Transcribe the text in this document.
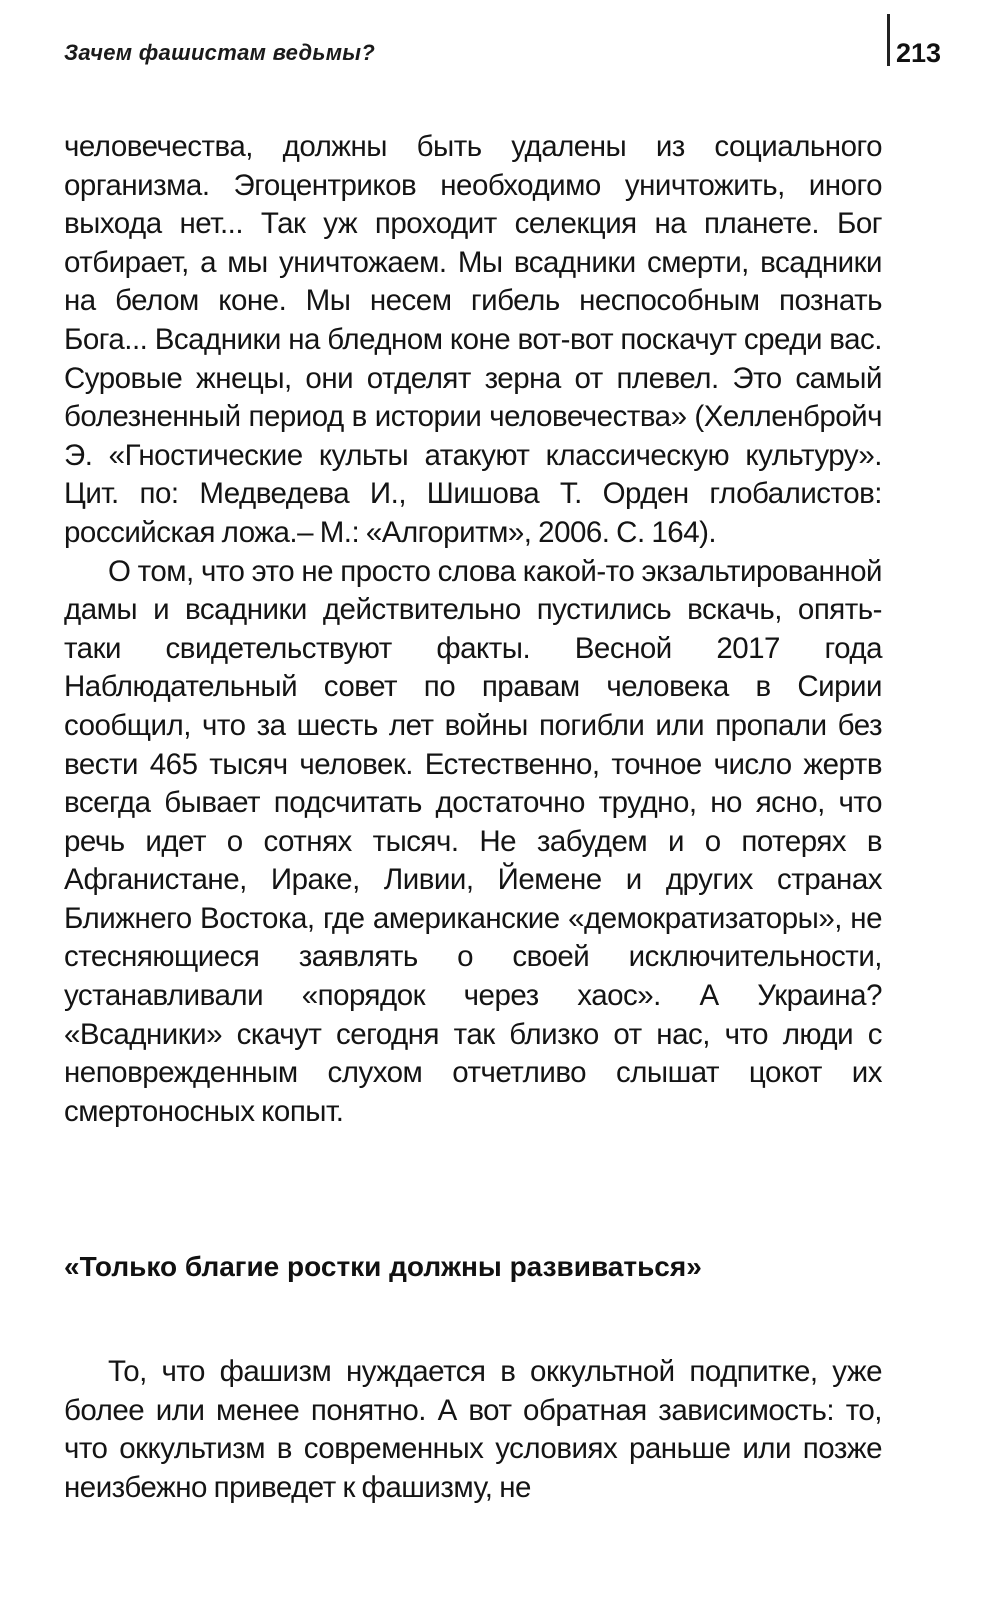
Зачем фашистам ведьмы?	213

человечества, должны быть удалены из социального организма. Эгоцентриков необходимо уничтожить, иного выхода нет... Так уж проходит селекция на планете. Бог отбирает, а мы уничтожаем. Мы всадники смерти, всадники на белом коне. Мы несем гибель неспособным познать Бога... Всадники на бледном коне вот-вот поскачут среди вас. Суровые жнецы, они отделят зерна от плевел. Это самый болезненный период в истории человечества» (Хелленбройч Э. «Гностические культы атакуют классическую культуру». Цит. по: Медведева И., Шишова Т. Орден глобалистов: российская ложа.– М.: «Алгоритм», 2006. С. 164).

О том, что это не просто слова какой-то экзальтированной дамы и всадники действительно пустились вскачь, опять-таки свидетельствуют факты. Весной 2017 года Наблюдательный совет по правам человека в Сирии сообщил, что за шесть лет войны погибли или пропали без вести 465 тысяч человек. Естественно, точное число жертв всегда бывает подсчитать достаточно трудно, но ясно, что речь идет о сотнях тысяч. Не забудем и о потерях в Афганистане, Ираке, Ливии, Йемене и других странах Ближнего Востока, где американские «демократизаторы», не стесняющиеся заявлять о своей исключительности, устанавливали «порядок через хаос». А Украина? «Всадники» скачут сегодня так близко от нас, что люди с неповрежденным слухом отчетливо слышат цокот их смертоносных копыт.

«Только благие ростки должны развиваться»

То, что фашизм нуждается в оккультной подпитке, уже более или менее понятно. А вот обратная зависимость: то, что оккультизм в современных условиях раньше или позже неизбежно приведет к фашизму, не
